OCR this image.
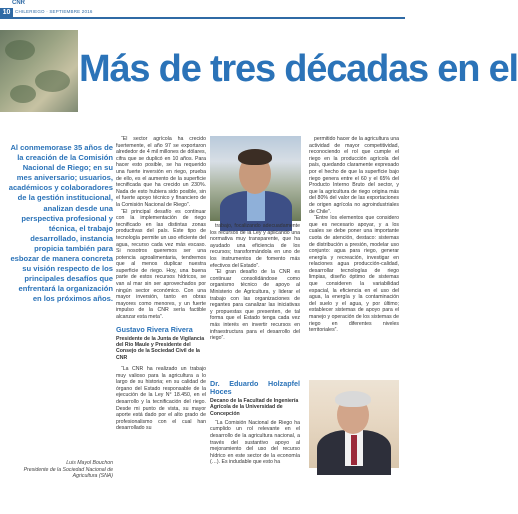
CNR
10	CHILERIEGO · SEPTIEMBRE 2016
Más de tres décadas en el
Al conmemorase 35 años de la creación de la Comisión Nacional de Riego; en su mes aniversario; usuarios, académicos y colaboradores de la gestión institucional, analizan desde una perspectiva profesional y técnica, el trabajo desarrollado, instancia propicia también para esbozar de manera concreta su visión respecto de los principales desafíos que enfrentará la organización en los próximos años.
Luis Mayol Bouchon
Presidente de la Sociedad Nacional de Agricultura (SNA)

“El sector agrícola ha crecido fuertemente, el año 97 se exportaron alrededor de 4 mil millones de dólares, cifra que se duplicó en 10 años. Para hacer esto posible, se ha requerido una fuerte inversión en riego, prueba de ello, es el aumento de la superficie tecnificada que ha crecido un 230%. Nada de esto hubiera sido posible, sin el fuerte apoyo técnico y financiero de la Comisión Nacional de Riego”.

“El principal desafío es continuar con la implementación de riego tecnificado en las distintas zonas productivas del país. Este tipo de tecnología permite un uso eficiente del agua, recurso cada vez más escaso. Si nosotros queremos ser una potencia agroalimentaria, tendremos que al menos duplicar nuestra superficie de riego. Hoy, una buena parte de estos recursos hídricos, se van al mar sin ser aprovechados por ningún sector económico. Con una mayor inversión, tanto en obras mayores como menores, y un fuerte impulso de la CNR sería factible alcanzar esta meta”.

Gustavo Rivera Rivera
Presidente de la Junta de Vigilancia del Río Maule y Presidente del Consejo de la Sociedad Civil de la CNR

“La CNR ha realizado un trabajo muy valioso para la agricultura a lo largo de su historia; en su calidad de órgano del Estado responsable de la ejecución de la Ley N° 18.450, en el desarrollo y la tecnificación del riego. Desde mi punto de vista, su mayor aporte está dado por el alto grado de profesionalismo con el cual han desarrollado su

trabajo, focalizando adecuadamente los recursos de la Ley y aplicando una normativa muy transparente, que ha ayudado una eficiencia de los recursos; transformándola en uno de los instrumentos de fomento más efectivos del Estado”.

“El gran desafío de la CNR es continuar consolidándose como organismo técnico de apoyo al Ministerio de Agricultura, y liderar el trabajo con las organizaciones de regantes para canalizar las iniciativas y propuestas que presenten, de tal forma que el Estado tenga cada vez más interés en invertir recursos en infraestructura para el desarrollo del riego”.

Dr. Eduardo Holzapfel Hoces
Decano de la Facultad de Ingeniería Agrícola de la Universidad de Concepción

“La Comisión Nacional de Riego ha cumplido un rol relevante en el desarrollo de la agricultura nacional, a través del sustantivo apoyo al mejoramiento del uso del recurso hídrico en este sector de la economía (…). Es indudable que esto ha

permitido hacer de la agricultura una actividad de mayor competitividad, reconociendo el rol que cumple el riego en la producción agrícola del país, quedando claramente expresado por el hecho de que la superficie bajo riego genera entre el 60 y el 65% del Producto Interno Bruto del sector, y que la agricultura de riego origina más del 80% del valor de las exportaciones de origen agrícola no agroindustriales de Chile”.

“Entre los elementos que considero que es necesario apoyar, y a los cuales se debe poner una importante cuota de atención, destaco: sistemas de distribución a presión, modelar uso conjunto: agua para riego, generar energía y recreación, investigar en relaciones agua producción-calidad, desarrollar tecnologías de riego limpias, diseño óptimo de sistemas que consideren la variabilidad espacial, la eficiencia en el uso del agua, la energía y la contaminación del suelo y el agua, y por último; establecer sistemas de apoyo para el manejo y operación de los sistemas de riego en diferentes niveles territoriales”.
